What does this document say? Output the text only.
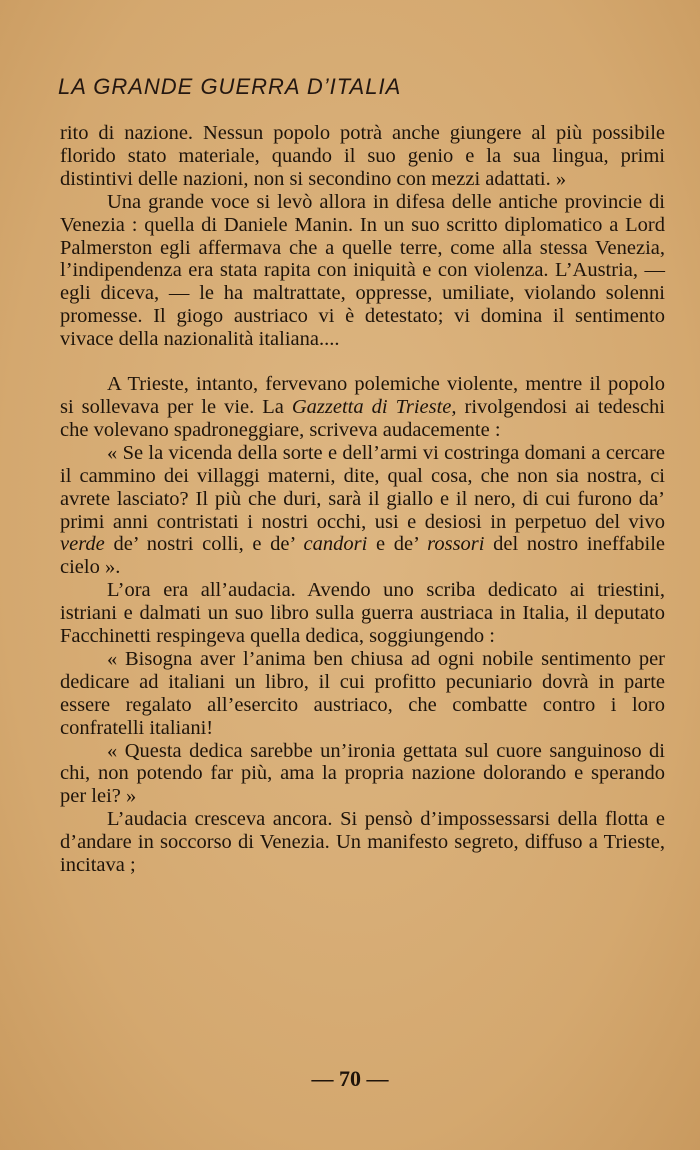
LA GRANDE GUERRA D’ITALIA

rito di nazione. Nessun popolo potrà anche giungere al più possibile florido stato materiale, quando il suo genio e la sua lingua, primi distintivi delle nazioni, non si secondino con mezzi adattati. »

Una grande voce si levò allora in difesa delle antiche provincie di Venezia : quella di Daniele Manin. In un suo scritto diplomatico a Lord Palmerston egli affermava che a quelle terre, come alla stessa Venezia, l’indipendenza era stata rapita con iniquità e con violenza. L’Austria, — egli diceva, — le ha maltrattate, oppresse, umiliate, violando solenni promesse. Il giogo austriaco vi è detestato; vi domina il sentimento vivace della nazionalità italiana....

A Trieste, intanto, fervevano polemiche violente, mentre il popolo si sollevava per le vie. La Gazzetta di Trieste, rivolgendosi ai tedeschi che volevano spadroneggiare, scriveva audacemente :

« Se la vicenda della sorte e dell’armi vi costringa domani a cercare il cammino dei villaggi materni, dite, qual cosa, che non sia nostra, ci avrete lasciato? Il più che duri, sarà il giallo e il nero, di cui furono da’ primi anni contristati i nostri occhi, usi e desiosi in perpetuo del vivo verde de’ nostri colli, e de’ candori e de’ rossori del nostro ineffabile cielo ».

L’ora era all’audacia. Avendo uno scriba dedicato ai triestini, istriani e dalmati un suo libro sulla guerra austriaca in Italia, il deputato Facchinetti respingeva quella dedica, soggiungendo :

« Bisogna aver l’anima ben chiusa ad ogni nobile sentimento per dedicare ad italiani un libro, il cui profitto pecuniario dovrà in parte essere regalato all’esercito austriaco, che combatte contro i loro confratelli italiani!

« Questa dedica sarebbe un’ironia gettata sul cuore sanguinoso di chi, non potendo far più, ama la propria nazione dolorando e sperando per lei? »

L’audacia cresceva ancora. Si pensò d’impossessarsi della flotta e d’andare in soccorso di Venezia. Un manifesto segreto, diffuso a Trieste, incitava ;

— 70 —
